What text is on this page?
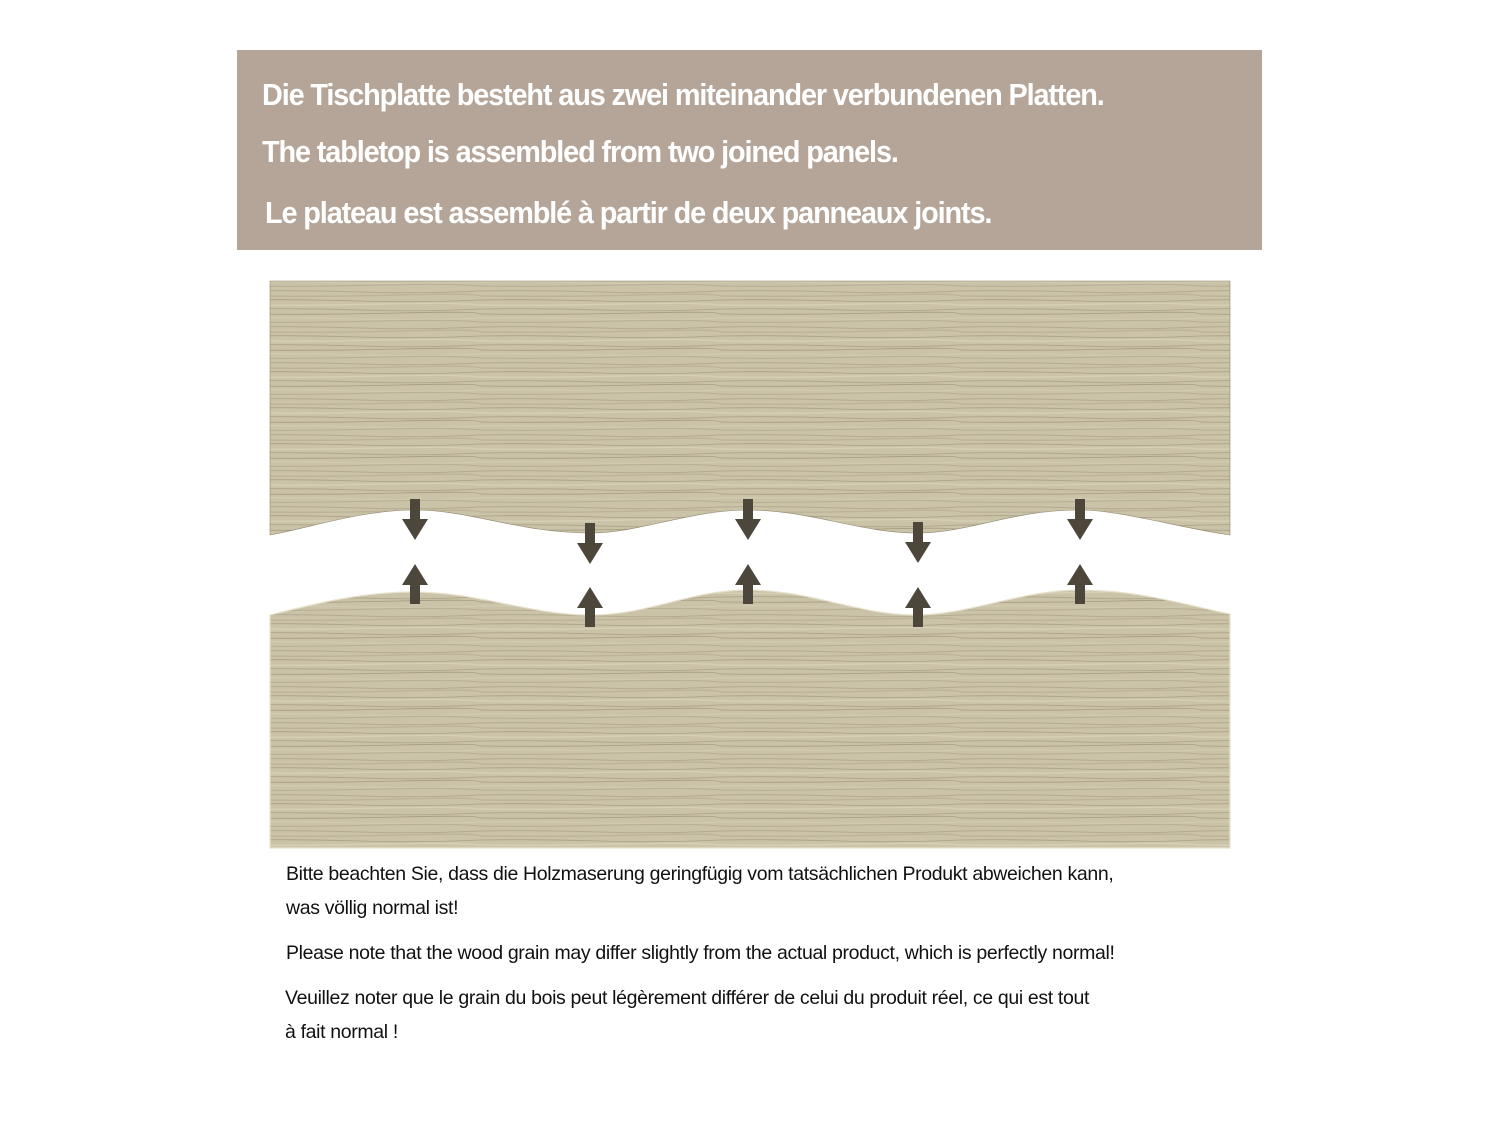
Die Tischplatte besteht aus zwei miteinander verbundenen Platten.
The tabletop is assembled from two joined panels.
Le plateau est assemblé à partir de deux panneaux joints.
Bitte beachten Sie, dass die Holzmaserung geringfügig vom tatsächlichen Produkt abweichen kann,
was völlig normal ist!
Please note that the wood grain may differ slightly from the actual product, which is perfectly normal!
Veuillez noter que le grain du bois peut légèrement différer de celui du produit réel, ce qui est tout
à fait normal !
